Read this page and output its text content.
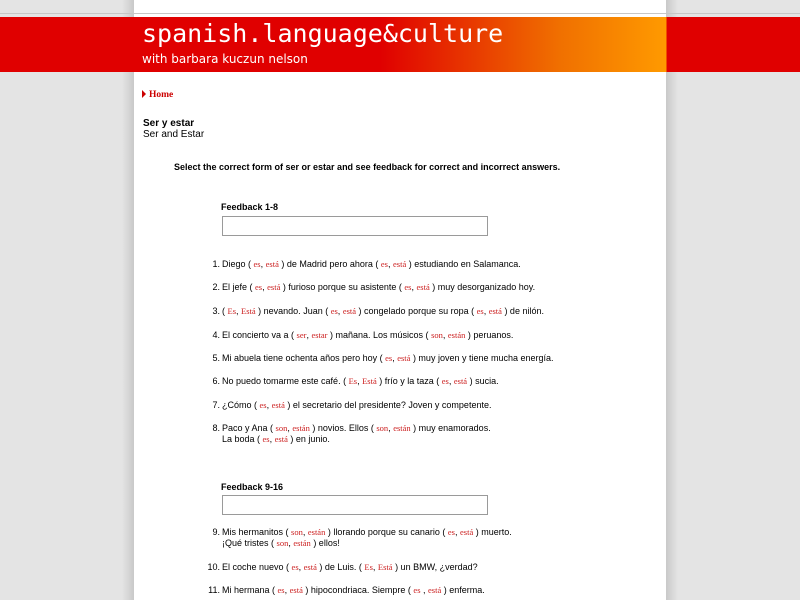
spanish.language&culture
with barbara kuczun nelson
Home
Ser y estar
Ser and Estar
Select the correct form of ser or estar and see feedback for correct and incorrect answers.
Feedback 1-8
Feedback 9-16
1. Diego ( es, está ) de Madrid pero ahora ( es, está ) estudiando en Salamanca.
2. El jefe ( es, está ) furioso porque su asistente ( es, está ) muy desorganizado hoy.
3. ( Es, Está ) nevando. Juan ( es, está ) congelado porque su ropa ( es, está ) de nilón.
4. El concierto va a ( ser, estar ) mañana. Los músicos ( son, están ) peruanos.
5. Mi abuela tiene ochenta años pero hoy ( es, está ) muy joven y tiene mucha energía.
6. No puedo tomarme este café. ( Es, Está ) frío y la taza ( es, está ) sucia.
7. ¿Cómo ( es, está ) el secretario del presidente? Joven y competente.
8. Paco y Ana ( son, están ) novios. Ellos ( son, están ) muy enamorados.
La boda ( es, está ) en junio.
9. Mis hermanitos ( son, están ) llorando porque su canario ( es, está ) muerto.
¡Qué tristes ( son, están ) ellos!
10. El coche nuevo ( es, está ) de Luis. ( Es, Está ) un BMW, ¿verdad?
11. Mi hermana ( es, está ) hipocondriaca. Siempre ( es , está ) enferma.
